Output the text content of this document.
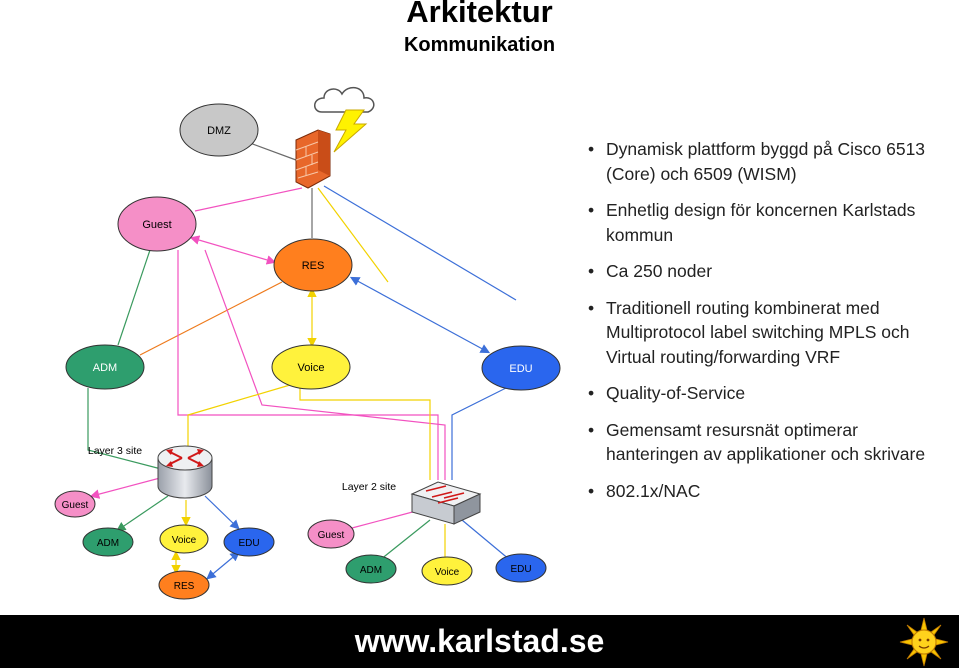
Arkitektur
Kommunikation
DMZ
Guest
RES
ADM	Voice	EDU
Layer 3 site
Layer 2 site
Guest
ADM	Voice	EDU
RES
Guest
ADM	Voice	EDU
• Dynamisk plattform byggd på Cisco 6513 (Core) och 6509 (WISM)
• Enhetlig design för koncernen Karlstads kommun
• Ca 250 noder
• Traditionell routing kombinerat med Multiprotocol label switching MPLS och Virtual routing/forwarding VRF
• Quality-of-Service
• Gemensamt resursnät optimerar hanteringen av applikationer och skrivare
• 802.1x/NAC
www.karlstad.se
